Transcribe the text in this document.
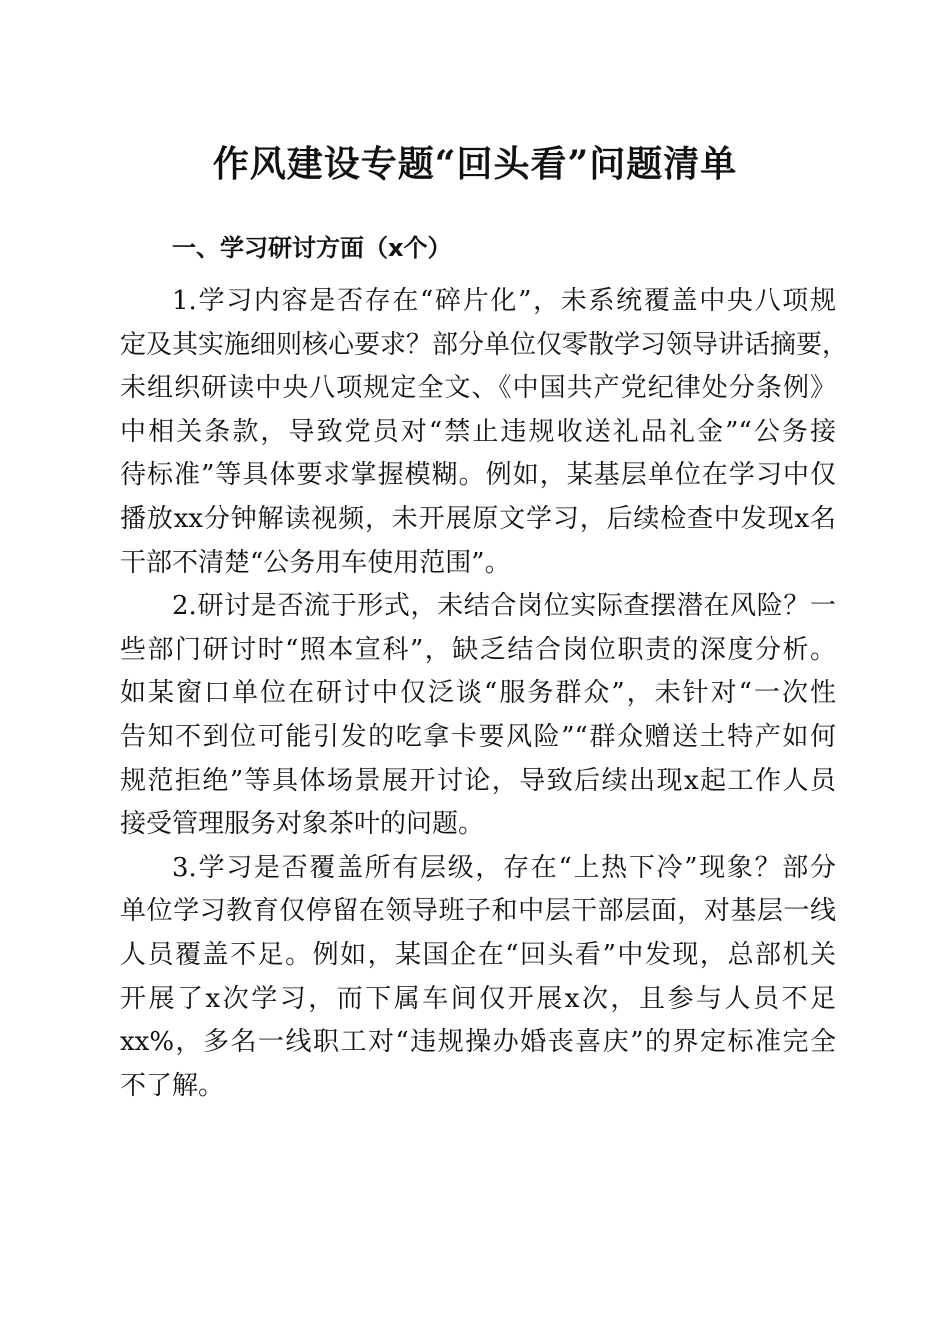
作风建设专题“回头看”问题清单
一、学习研讨方面（x个）
1.学习内容是否存在“碎片化”，未系统覆盖中央八项规
定及其实施细则核心要求？部分单位仅零散学习领导讲话摘要，
未组织研读中央八项规定全文、《中国共产党纪律处分条例》
中相关条款，导致党员对“禁止违规收送礼品礼金”“公务接
待标准”等具体要求掌握模糊。例如，某基层单位在学习中仅
播放xx分钟解读视频，未开展原文学习，后续检查中发现x名
干部不清楚“公务用车使用范围”。
2.研讨是否流于形式，未结合岗位实际查摆潜在风险？一
些部门研讨时“照本宣科”，缺乏结合岗位职责的深度分析。
如某窗口单位在研讨中仅泛谈“服务群众”，未针对“一次性
告知不到位可能引发的吃拿卡要风险”“群众赠送土特产如何
规范拒绝”等具体场景展开讨论，导致后续出现x起工作人员
接受管理服务对象茶叶的问题。
3.学习是否覆盖所有层级，存在“上热下冷”现象？部分
单位学习教育仅停留在领导班子和中层干部层面，对基层一线
人员覆盖不足。例如，某国企在“回头看”中发现，总部机关
开展了x次学习，而下属车间仅开展x次，且参与人员不足
xx%，多名一线职工对“违规操办婚丧喜庆”的界定标准完全
不了解。
